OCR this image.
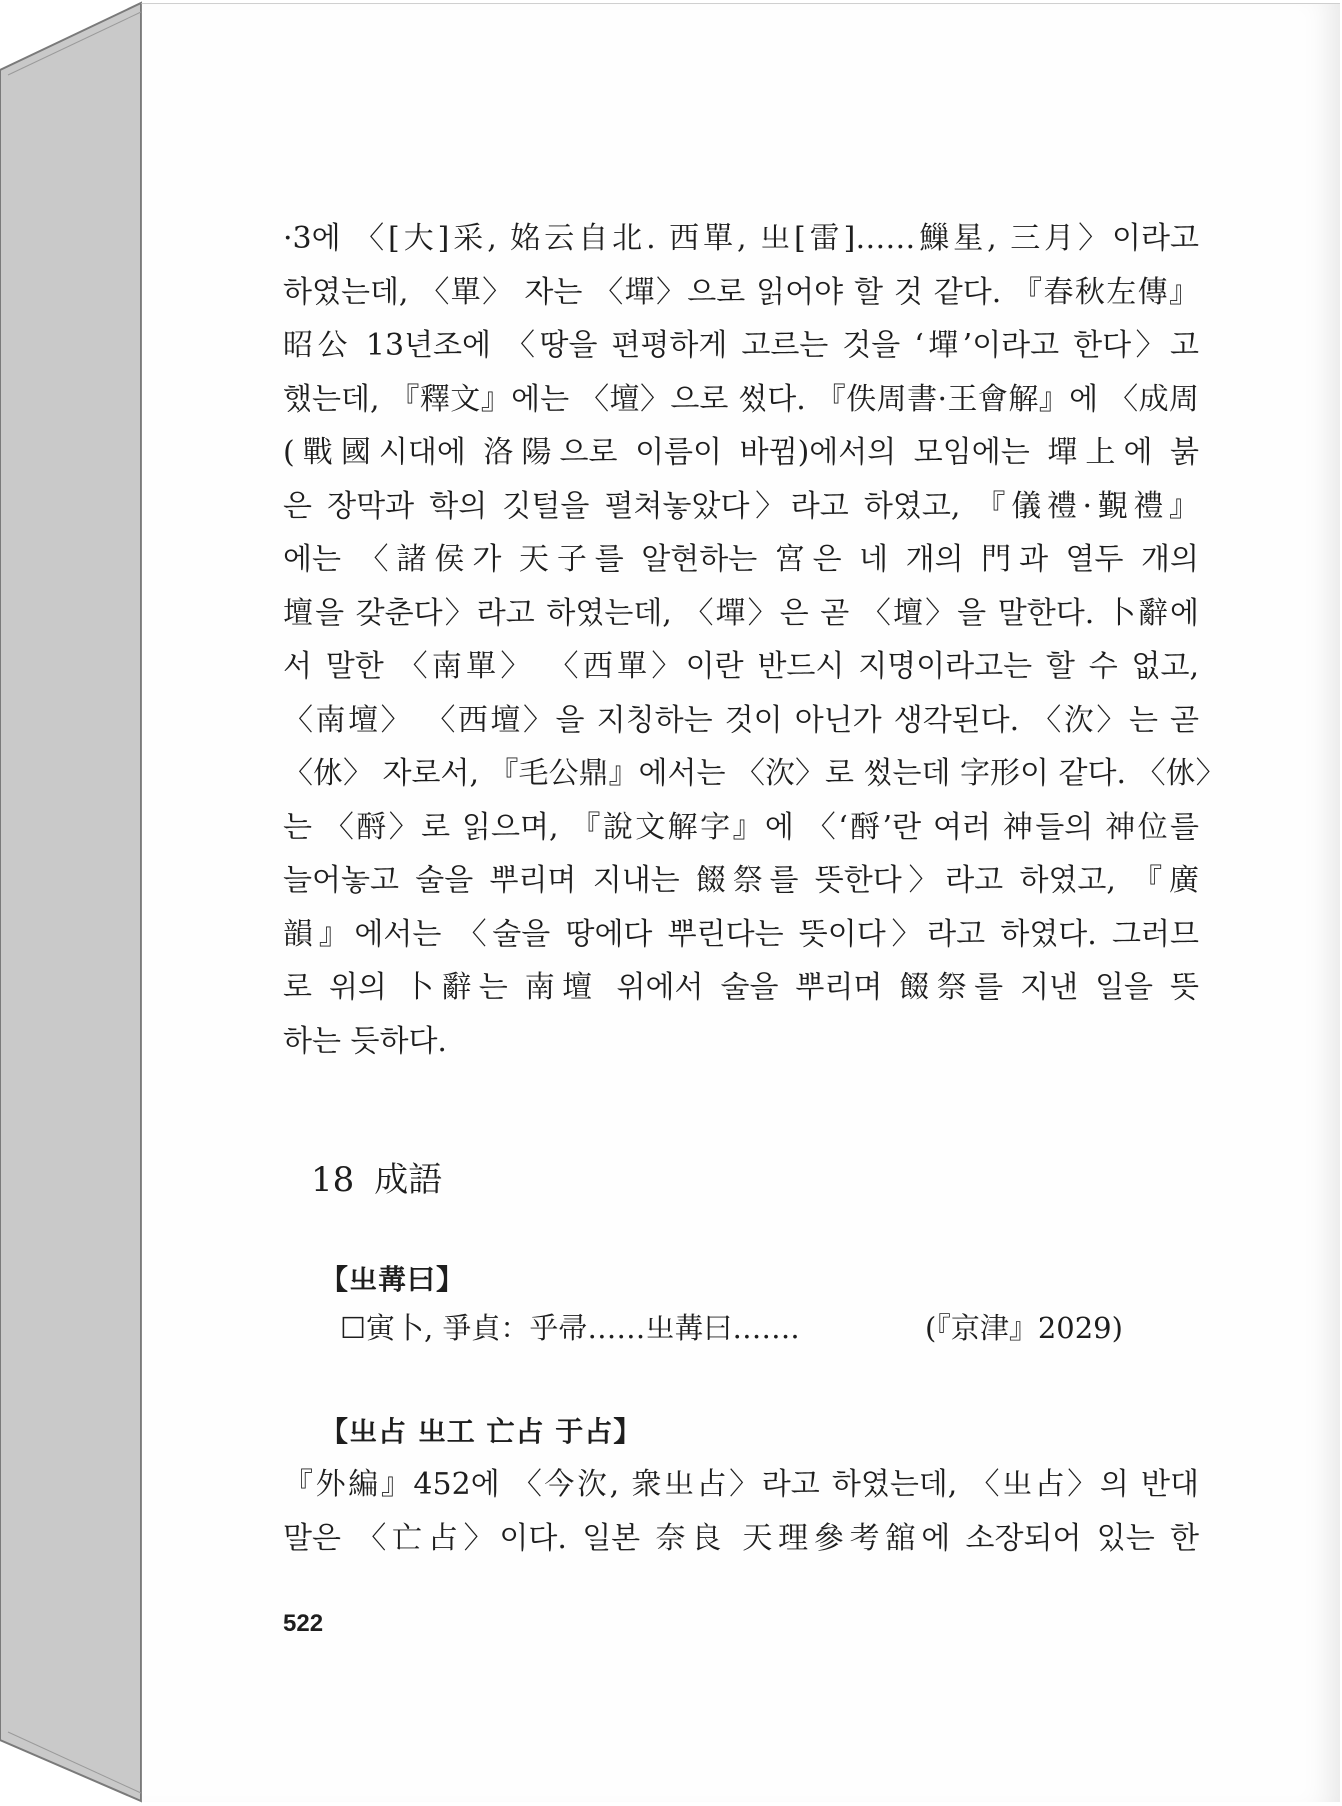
·3에 〈[大]采, 姳云自北. 西單, 㞢[雷]……䲃星, 三月〉이라고
하였는데, 〈單〉 자는 〈墠〉으로 읽어야 할 것 같다. 『春秋左傳』
昭公 13년조에 〈땅을 편평하게 고르는 것을 ‘墠’이라고 한다〉고
했는데, 『釋文』에는 〈壇〉으로 썼다. 『佚周書·王會解』에 〈成周
(戰國시대에 洛陽으로 이름이 바뀜)에서의 모임에는 墠上에 붉
은 장막과 학의 깃털을 펼쳐놓았다〉라고 하였고, 『儀禮·覲禮』
에는 〈諸侯가 天子를 알현하는 宮은 네 개의 門과 열두 개의
壇을 갖춘다〉라고 하였는데, 〈墠〉은 곧 〈壇〉을 말한다. 卜辭에
서 말한 〈南單〉 〈西單〉이란 반드시 지명이라고는 할 수 없고,
〈南壇〉 〈西壇〉을 지칭하는 것이 아닌가 생각된다. 〈㳄〉는 곧
〈㲻〉 자로서, 『毛公鼎』에서는 〈㳄〉로 썼는데 字形이 같다. 〈㲻〉
는 〈酹〉로 읽으며, 『說文解字』에 〈‘酹’란 여러 神들의 神位를
늘어놓고 술을 뿌리며 지내는 餟祭를 뜻한다〉라고 하였고, 『廣
韻』에서는 〈술을 땅에다 뿌린다는 뜻이다〉라고 하였다. 그러므
로 위의 卜辭는 南壇 위에서 술을 뿌리며 餟祭를 지낸 일을 뜻
하는 듯하다.
18 成語
【㞢冓曰】
☐寅卜, 爭貞：乎帚……㞢冓曰…….	(『京津』2029)
【㞢占 㞢工 亡占 于占】
『外編』452에 〈今㳄, 衆㞢占〉라고 하였는데, 〈㞢占〉의 반대
말은 〈亡占〉이다. 일본 奈良 天理參考舘에 소장되어 있는 한
522
